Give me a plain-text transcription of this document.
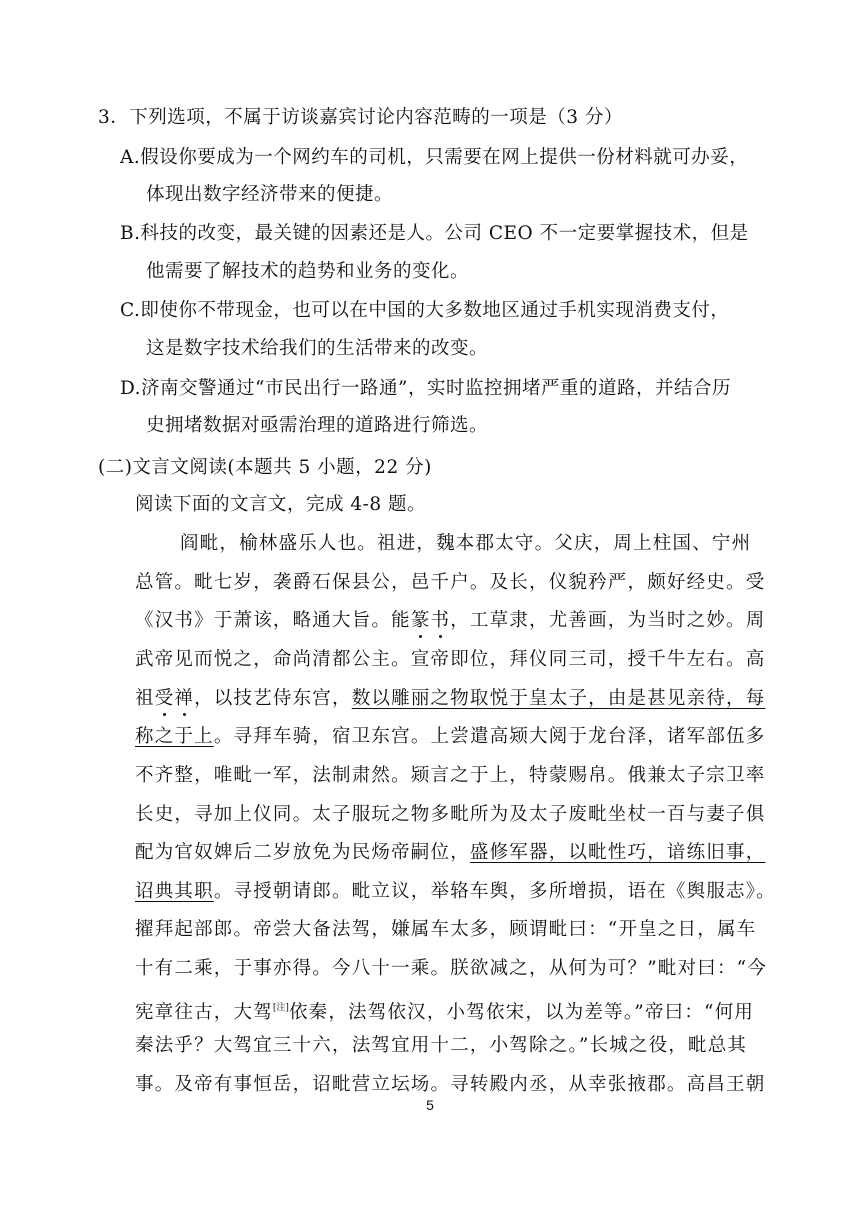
3．下列选项，不属于访谈嘉宾讨论内容范畴的一项是（3 分）
A.假设你要成为一个网约车的司机，只需要在网上提供一份材料就可办妥，
体现出数字经济带来的便捷。
B.科技的改变，最关键的因素还是人。公司 CEO 不一定要掌握技术，但是
他需要了解技术的趋势和业务的变化。
C.即使你不带现金，也可以在中国的大多数地区通过手机实现消费支付，
这是数字技术给我们的生活带来的改变。
D.济南交警通过“市民出行一路通”，实时监控拥堵严重的道路，并结合历
史拥堵数据对亟需治理的道路进行筛选。
(二)文言文阅读(本题共 5 小题，22 分)
阅读下面的文言文，完成 4-8 题。
阎毗，榆林盛乐人也。祖进，魏本郡太守。父庆，周上柱国、宁州
总管。毗七岁，袭爵石保县公，邑千户。及长，仪貌矜严，颇好经史。受
《汉书》于萧该，略通大旨。能篆书，工草隶，尤善画，为当时之妙。周
武帝见而悦之，命尚清都公主。宣帝即位，拜仪同三司，授千牛左右。高
祖受禅，以技艺侍东宫，数以雕丽之物取悦于皇太子，由是甚见亲待，每
称之于上。寻拜车骑，宿卫东宫。上尝遣高颎大阅于龙台泽，诸军部伍多
不齐整，唯毗一军，法制肃然。颎言之于上，特蒙赐帛。俄兼太子宗卫率
长史，寻加上仪同。太子服玩之物多毗所为及太子废毗坐杖一百与妻子俱
配为官奴婢后二岁放免为民炀帝嗣位，盛修军器，以毗性巧，谙练旧事，
诏典其职。寻授朝请郎。毗立议，举辂车舆，多所增损，语在《舆服志》。
擢拜起部郎。帝尝大备法驾，嫌属车太多，顾谓毗曰：“开皇之日，属车
十有二乘，于事亦得。今八十一乘。朕欲减之，从何为可？”毗对曰：“今
宪章往古，大驾[注]依秦，法驾依汉，小驾依宋，以为差等。”帝曰：“何用
秦法乎？大驾宜三十六，法驾宜用十二，小驾除之。”长城之役，毗总其
事。及帝有事恒岳，诏毗营立坛场。寻转殿内丞，从幸张掖郡。高昌王朝
5
